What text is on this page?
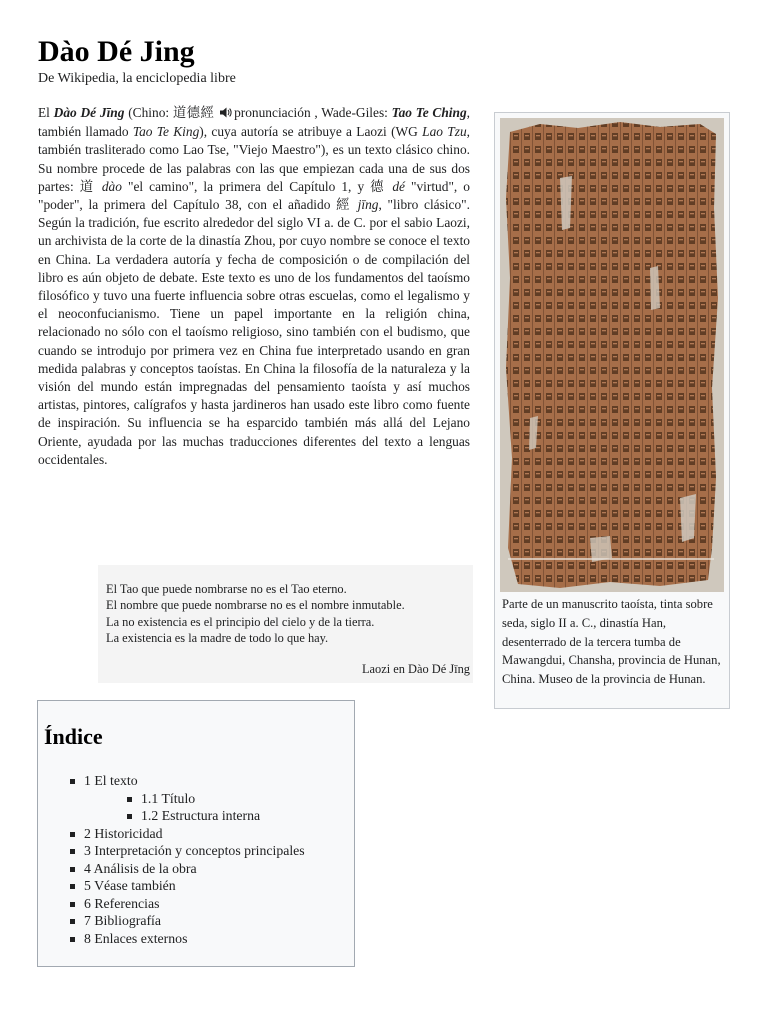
Dào Dé Jing
De Wikipedia, la enciclopedia libre

El Dào Dé Jīng (Chino: 道德經 pronunciación , Wade-Giles: Tao Te Ching, también llamado Tao Te King), cuya autoría se atribuye a Laozi (WG Lao Tzu, también trasliterado como Lao Tse, "Viejo Maestro"), es un texto clásico chino. Su nombre procede de las palabras con las que empiezan cada una de sus dos partes: 道 dào "el camino", la primera del Capítulo 1, y 德 dé "virtud", o "poder", la primera del Capítulo 38, con el añadido 經 jīng, "libro clásico". Según la tradición, fue escrito alrededor del siglo VI a. de C. por el sabio Laozi, un archivista de la corte de la dinastía Zhou, por cuyo nombre se conoce el texto en China. La verdadera autoría y fecha de composición o de compilación del libro es aún objeto de debate. Este texto es uno de los fundamentos del taoísmo filosófico y tuvo una fuerte influencia sobre otras escuelas, como el legalismo y el neoconfucianismo. Tiene un papel importante en la religión china, relacionado no sólo con el taoísmo religioso, sino también con el budismo, que cuando se introdujo por primera vez en China fue interpretado usando en gran medida palabras y conceptos taoístas. En China la filosofía de la naturaleza y la visión del mundo están impregnadas del pensamiento taoísta y así muchos artistas, pintores, calígrafos y hasta jardineros han usado este libro como fuente de inspiración. Su influencia se ha esparcido también más allá del Lejano Oriente, ayudada por las muchas traducciones diferentes del texto a lenguas occidentales.

Parte de un manuscrito taoísta, tinta sobre seda, siglo II a. C., dinastía Han, desenterrado de la tercera tumba de Mawangdui, Chansha, provincia de Hunan, China. Museo de la provincia de Hunan.
El Tao que puede nombrarse no es el Tao eterno.
El nombre que puede nombrarse no es el nombre inmutable.
La no existencia es el principio del cielo y de la tierra.
La existencia es la madre de todo lo que hay.
Laozi en Dào Dé Jīng
Índice
1 El texto
1.1 Título
1.2 Estructura interna
2 Historicidad
3 Interpretación y conceptos principales
4 Análisis de la obra
5 Véase también
6 Referencias
7 Bibliografía
8 Enlaces externos
